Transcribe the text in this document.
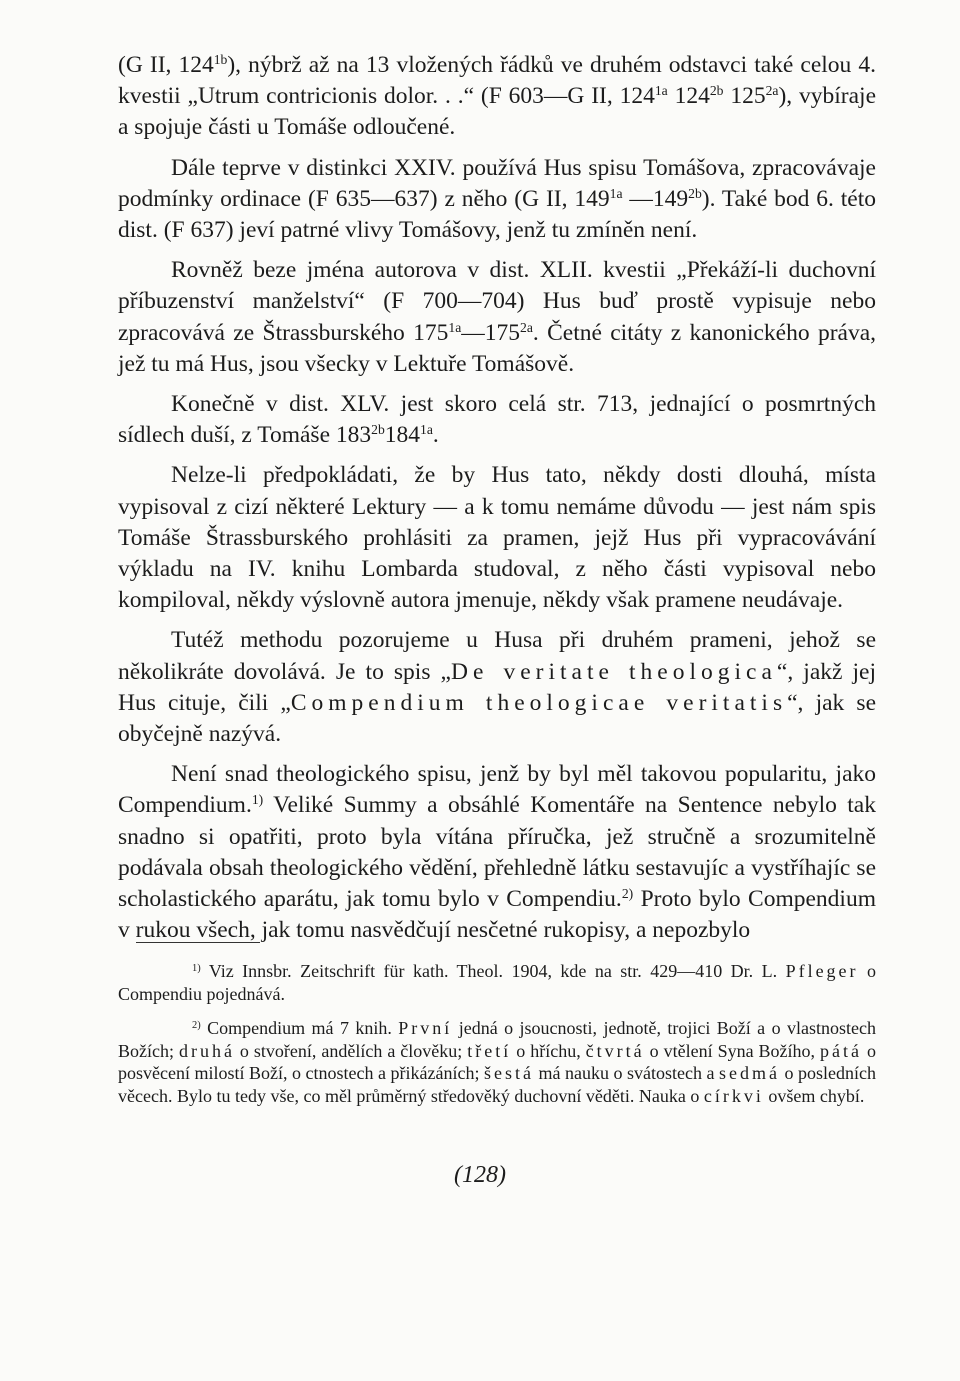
(G II, $124^{1b}$), nýbrž až na 13 vložených řádků ve druhém odstavci také celou 4. kvestii „Utrum contricionis dolor. . .“ (F 603—G II, $124^{1a}$ $124^{2b}$ $125^{2a}$), vybíraje a spojuje části u Tomáše odloučené.

Dále teprve v distinkci XXIV. používá Hus spisu Tomášova, zpracovávaje podmínky ordinace (F 635—637) z něho (G II, $149^{1a}$ $—149^{2b}$). Také bod 6. této dist. (F 637) jeví patrné vlivy Tomášovy, jenž tu zmíněn není.

Rovněž beze jména autorova v dist. XLII. kvestii „Překáží-li duchovní příbuzenství manželství“ (F 700—704) Hus buď prostě vypisuje nebo zpracovává ze Štrassburského $175^{1a}—175^{2a}$. Četné citáty z kanonického práva, jež tu má Hus, jsou všecky v Lektuře Tomášově.

Konečně v dist. XLV. jest skoro celá str. 713, jednající o posmrtných sídlech duší, z Tomáše $183^{2b}184^{1a}$.

Nelze-li předpokládati, že by Hus tato, někdy dosti dlouhá, místa vypisoval z cizí některé Lektury — a k tomu nemáme důvodu — jest nám spis Tomáše Štrassburského prohlásiti za pramen, jejž Hus při vypracovávání výkladu na IV. knihu Lombarda studoval, z něho části vypisoval nebo kompiloval, někdy výslovně autora jmenuje, někdy však pramene neudávaje.

Tutéž methodu pozorujeme u Husa při druhém prameni, jehož se několikráte dovolává. Je to spis „De veritate theologica“, jakž jej Hus cituje, čili „Compendium theologicae veritatis“, jak se obyčejně nazývá.

Není snad theologického spisu, jenž by byl měl takovou popularitu, jako Compendium.$^{1)}$ Veliké Summy a obsáhlé Komentáře na Sentence nebylo tak snadno si opatřiti, proto byla vítána příručka, jež stručně a srozumitelně podávala obsah theologického vědění, přehledně látku sestavujíc a vystříhajíc se scholastického aparátu, jak tomu bylo v Compendiu.$^{2)}$ Proto bylo Compendium v rukou všech, jak tomu nasvědčují nesčetné rukopisy, a nepozbylo

$^{1)}$ Viz Innsbr. Zeitschrift für kath. Theol. 1904, kde na str. 429—410 Dr. L. Pfleger o Compendiu pojednává.

$^{2)}$ Compendium má 7 knih. První jedná o jsoucnosti, jednotě, trojici Boží a o vlastnostech Božích; druhá o stvoření, andělích a člověku; třetí o hříchu, čtvrtá o vtělení Syna Božího, pátá o posvěcení milostí Boží, o ctnostech a přikázáních; šestá má nauku o svátostech a sedmá o posledních věcech. Bylo tu tedy vše, co měl průměrný středověký duchovní věděti. Nauka o církvi ovšem chybí.

(128)
